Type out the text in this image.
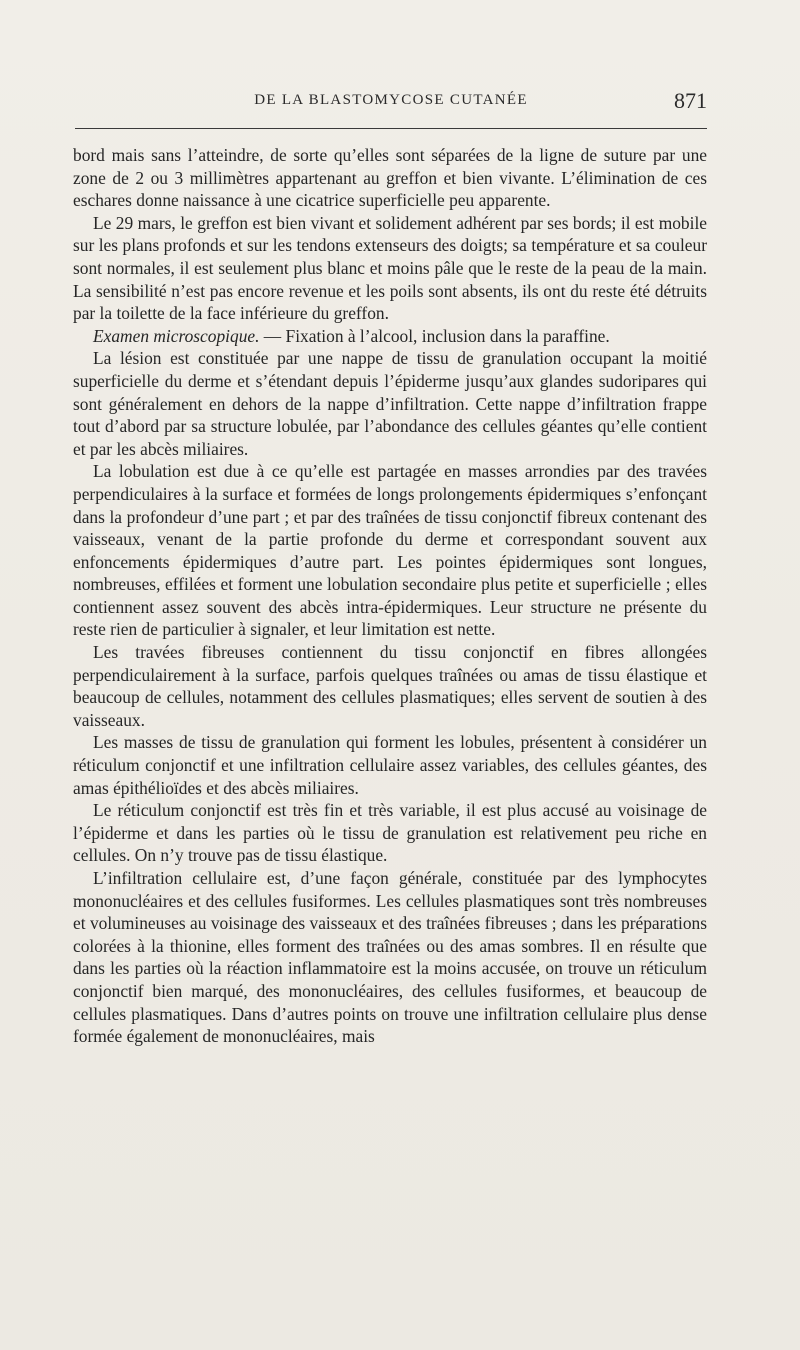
DE LA BLASTOMYCOSE CUTANÉE	871

bord mais sans l’atteindre, de sorte qu’elles sont séparées de la ligne de suture par une zone de 2 ou 3 millimètres appartenant au greffon et bien vivante. L’élimination de ces eschares donne naissance à une cicatrice superficielle peu apparente.

Le 29 mars, le greffon est bien vivant et solidement adhérent par ses bords; il est mobile sur les plans profonds et sur les tendons extenseurs des doigts; sa température et sa couleur sont normales, il est seulement plus blanc et moins pâle que le reste de la peau de la main. La sensibilité n’est pas encore revenue et les poils sont absents, ils ont du reste été détruits par la toilette de la face inférieure du greffon.

Examen microscopique. — Fixation à l’alcool, inclusion dans la paraffine.

La lésion est constituée par une nappe de tissu de granulation occupant la moitié superficielle du derme et s’étendant depuis l’épiderme jusqu’aux glandes sudoripares qui sont généralement en dehors de la nappe d’infiltration. Cette nappe d’infiltration frappe tout d’abord par sa structure lobulée, par l’abondance des cellules géantes qu’elle contient et par les abcès miliaires.

La lobulation est due à ce qu’elle est partagée en masses arrondies par des travées perpendiculaires à la surface et formées de longs prolongements épidermiques s’enfonçant dans la profondeur d’une part ; et par des traînées de tissu conjonctif fibreux contenant des vaisseaux, venant de la partie profonde du derme et correspondant souvent aux enfoncements épidermiques d’autre part. Les pointes épidermiques sont longues, nombreuses, effilées et forment une lobulation secondaire plus petite et superficielle ; elles contiennent assez souvent des abcès intra-épidermiques. Leur structure ne présente du reste rien de particulier à signaler, et leur limitation est nette.

Les travées fibreuses contiennent du tissu conjonctif en fibres allongées perpendiculairement à la surface, parfois quelques traînées ou amas de tissu élastique et beaucoup de cellules, notamment des cellules plasmatiques; elles servent de soutien à des vaisseaux.

Les masses de tissu de granulation qui forment les lobules, présentent à considérer un réticulum conjonctif et une infiltration cellulaire assez variables, des cellules géantes, des amas épithélioïdes et des abcès miliaires.

Le réticulum conjonctif est très fin et très variable, il est plus accusé au voisinage de l’épiderme et dans les parties où le tissu de granulation est relativement peu riche en cellules. On n’y trouve pas de tissu élastique.

L’infiltration cellulaire est, d’une façon générale, constituée par des lymphocytes mononucléaires et des cellules fusiformes. Les cellules plasmatiques sont très nombreuses et volumineuses au voisinage des vaisseaux et des traînées fibreuses ; dans les préparations colorées à la thionine, elles forment des traînées ou des amas sombres. Il en résulte que dans les parties où la réaction inflammatoire est la moins accusée, on trouve un réticulum conjonctif bien marqué, des mononucléaires, des cellules fusiformes, et beaucoup de cellules plasmatiques. Dans d’autres points on trouve une infiltration cellulaire plus dense formée également de mononucléaires, mais
